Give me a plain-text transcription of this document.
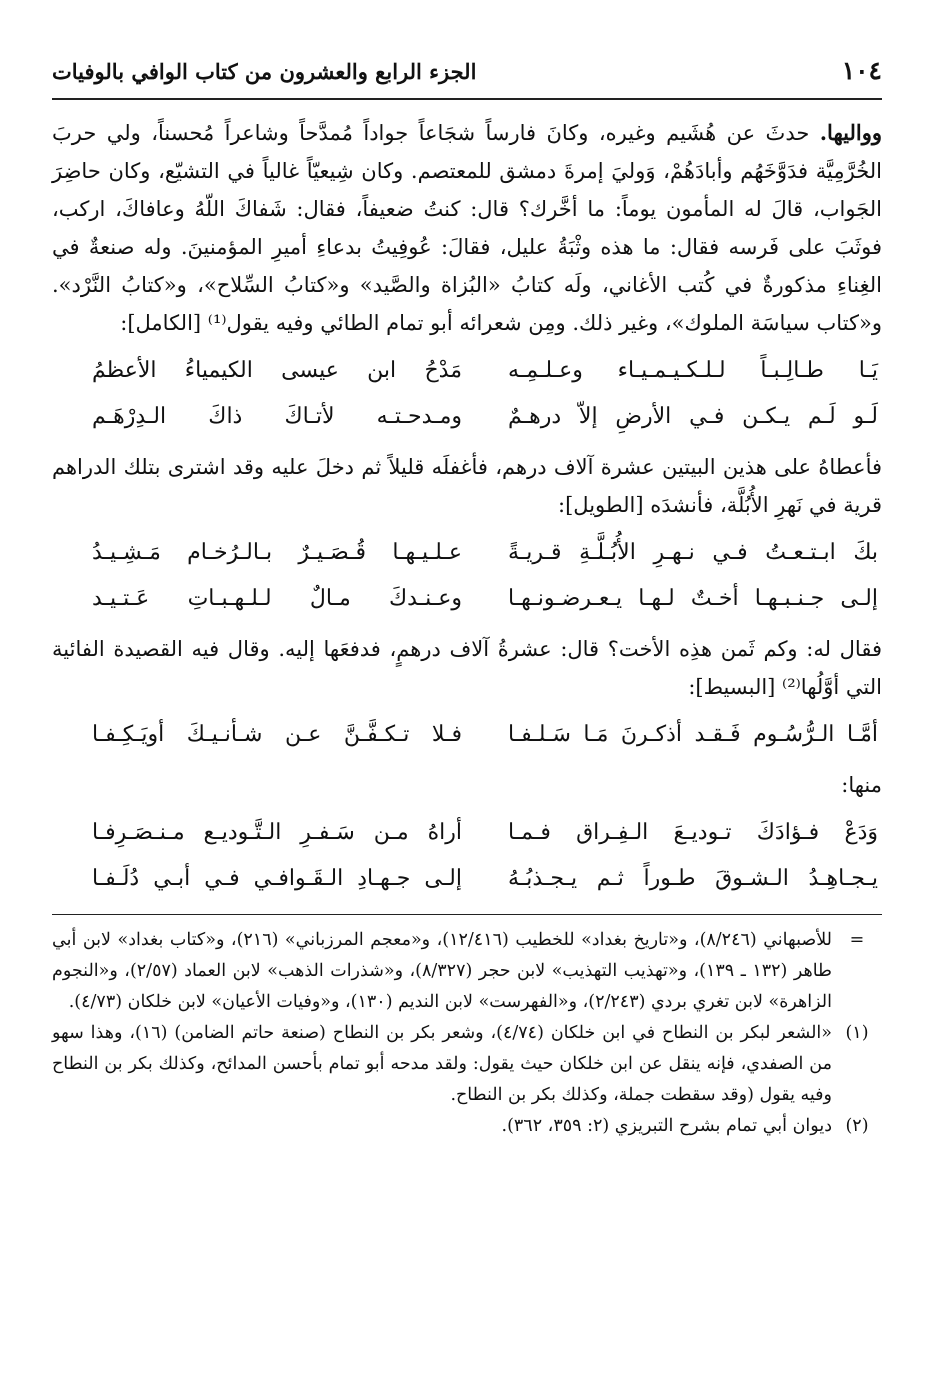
١٠٤
الجزء الرابع والعشرون من كتاب الوافي بالوفيات

وواليها. حدثَ عن هُشَيم وغيره، وكانَ فارساً شجَاعاً جواداً مُمدَّحاً وشاعراً مُحسناً، ولي حربَ الخُرَّمِيَّة فدَوَّخَهُم وأبادَهُمْ، وَوليَ إمرةَ دمشق للمعتصم. وكان شِيعيّاً غالياً في التشيّع، وكان حاضِرَ الجَواب، قالَ له المأمون يوماً: ما أخَّرك؟ قال: كنتُ ضعيفاً، فقال: شَفاكَ اللّهُ وعافاكَ، اركب، فوثَبَ على فَرسه فقال: ما هذه وثْبَةُ عليل، فقالَ: عُوفِيتُ بدعاءِ أميرِ المؤمنينَ. وله صنعةٌ في الغِناءِ مذكورةٌ في كُتب الأغاني، ولَه كتابُ «البُزاة والصَّيد» و«كتابُ السِّلاح»، و«كتابُ النَّرْد». و«كتاب سياسَة الملوك»، وغير ذلك. ومِن شعرائه أبو تمام الطائي وفيه يقول⁽¹⁾ [الكامل]:

يَـا طـالِـبـاً لـلـكـيـمـيـاء وعـلـمِـه
مَدْحُ ابن عيسى الكيمياءُ الأعظمُ
لَـو لَـم يـكـن فـي الأرضِ إلاّ درهـمٌ
ومـدحـتـه لأتـاكَ ذاكَ الـدِرْهَـم

فأعطاهُ على هذين البيتين عشرة آلاف درهم، فأغفلَه قليلاً ثم دخلَ عليه وقد اشترى بتلك الدراهم قرية في نَهرِ الأُبُلَّة، فأنشدَه [الطويل]:

بكَ ابـتـعـتُ فـي نـهـرِ الأُبُـلَّـةِ قـريـةً
عـلـيـهـا قُـصَـيـرٌ بـالـرُخـام مَـشِـيـدُ
إلـى جـنـبـهـا أخـتٌ لـهـا يـعـرضـونـهـا
وعـنـدكَ مـالٌ لـلـهـبـاتِ عَـتـيـد

فقال له: وكم ثَمن هذِه الأخت؟ قال: عشرةُ آلاف درهمٍ، فدفعَها إليه. وقال فيه القصيدة الفائية التي أوَّلُها⁽²⁾ [البسيط]:

أمَّـا الـرُّسُـوم فَـقـد أذكـرنَ مَـا سَـلـفـا
فـلا تـكـفَّـنَّ عـن شـأنـيـكَ أويَـكِـفـا

منها:

وَدَعْ فـؤادَكَ تـوديـعَ الـفِـراق فـمـا
أراهُ مـن سَـفـرِ الـتَّـوديـع مـنـصَـرِفـا
يـجـاهِـدُ الـشـوقَ طـوراً ثـم يـجـذبُـهُ
إلـى جـهـادِ الـقَـوافـي فـي أبـي دُلَـفـا
=
للأصبهاني (٨/٢٤٦)، و«تاريخ بغداد» للخطيب (١٢/٤١٦)، و«معجم المرزباني» (٢١٦)، و«كتاب بغداد» لابن أبي طاهر (١٣٢ ـ ١٣٩)، و«تهذيب التهذيب» لابن حجر (٨/٣٢٧)، و«شذرات الذهب» لابن العماد (٢/٥٧)، و«النجوم الزاهرة» لابن تغري بردي (٢/٢٤٣)، و«الفهرست» لابن النديم (١٣٠)، و«وفيات الأعيان» لابن خلكان (٤/٧٣).
(١)
«الشعر لبكر بن النطاح في ابن خلكان (٤/٧٤)، وشعر بكر بن النطاح (صنعة حاتم الضامن) (١٦)، وهذا سهو من الصفدي، فإنه ينقل عن ابن خلكان حيث يقول: ولقد مدحه أبو تمام بأحسن المدائح، وكذلك بكر بن النطاح وفيه يقول (وقد سقطت جملة، وكذلك بكر بن النطاح.
(٢)
ديوان أبي تمام بشرح التبريزي (٢: ٣٥٩، ٣٦٢).
